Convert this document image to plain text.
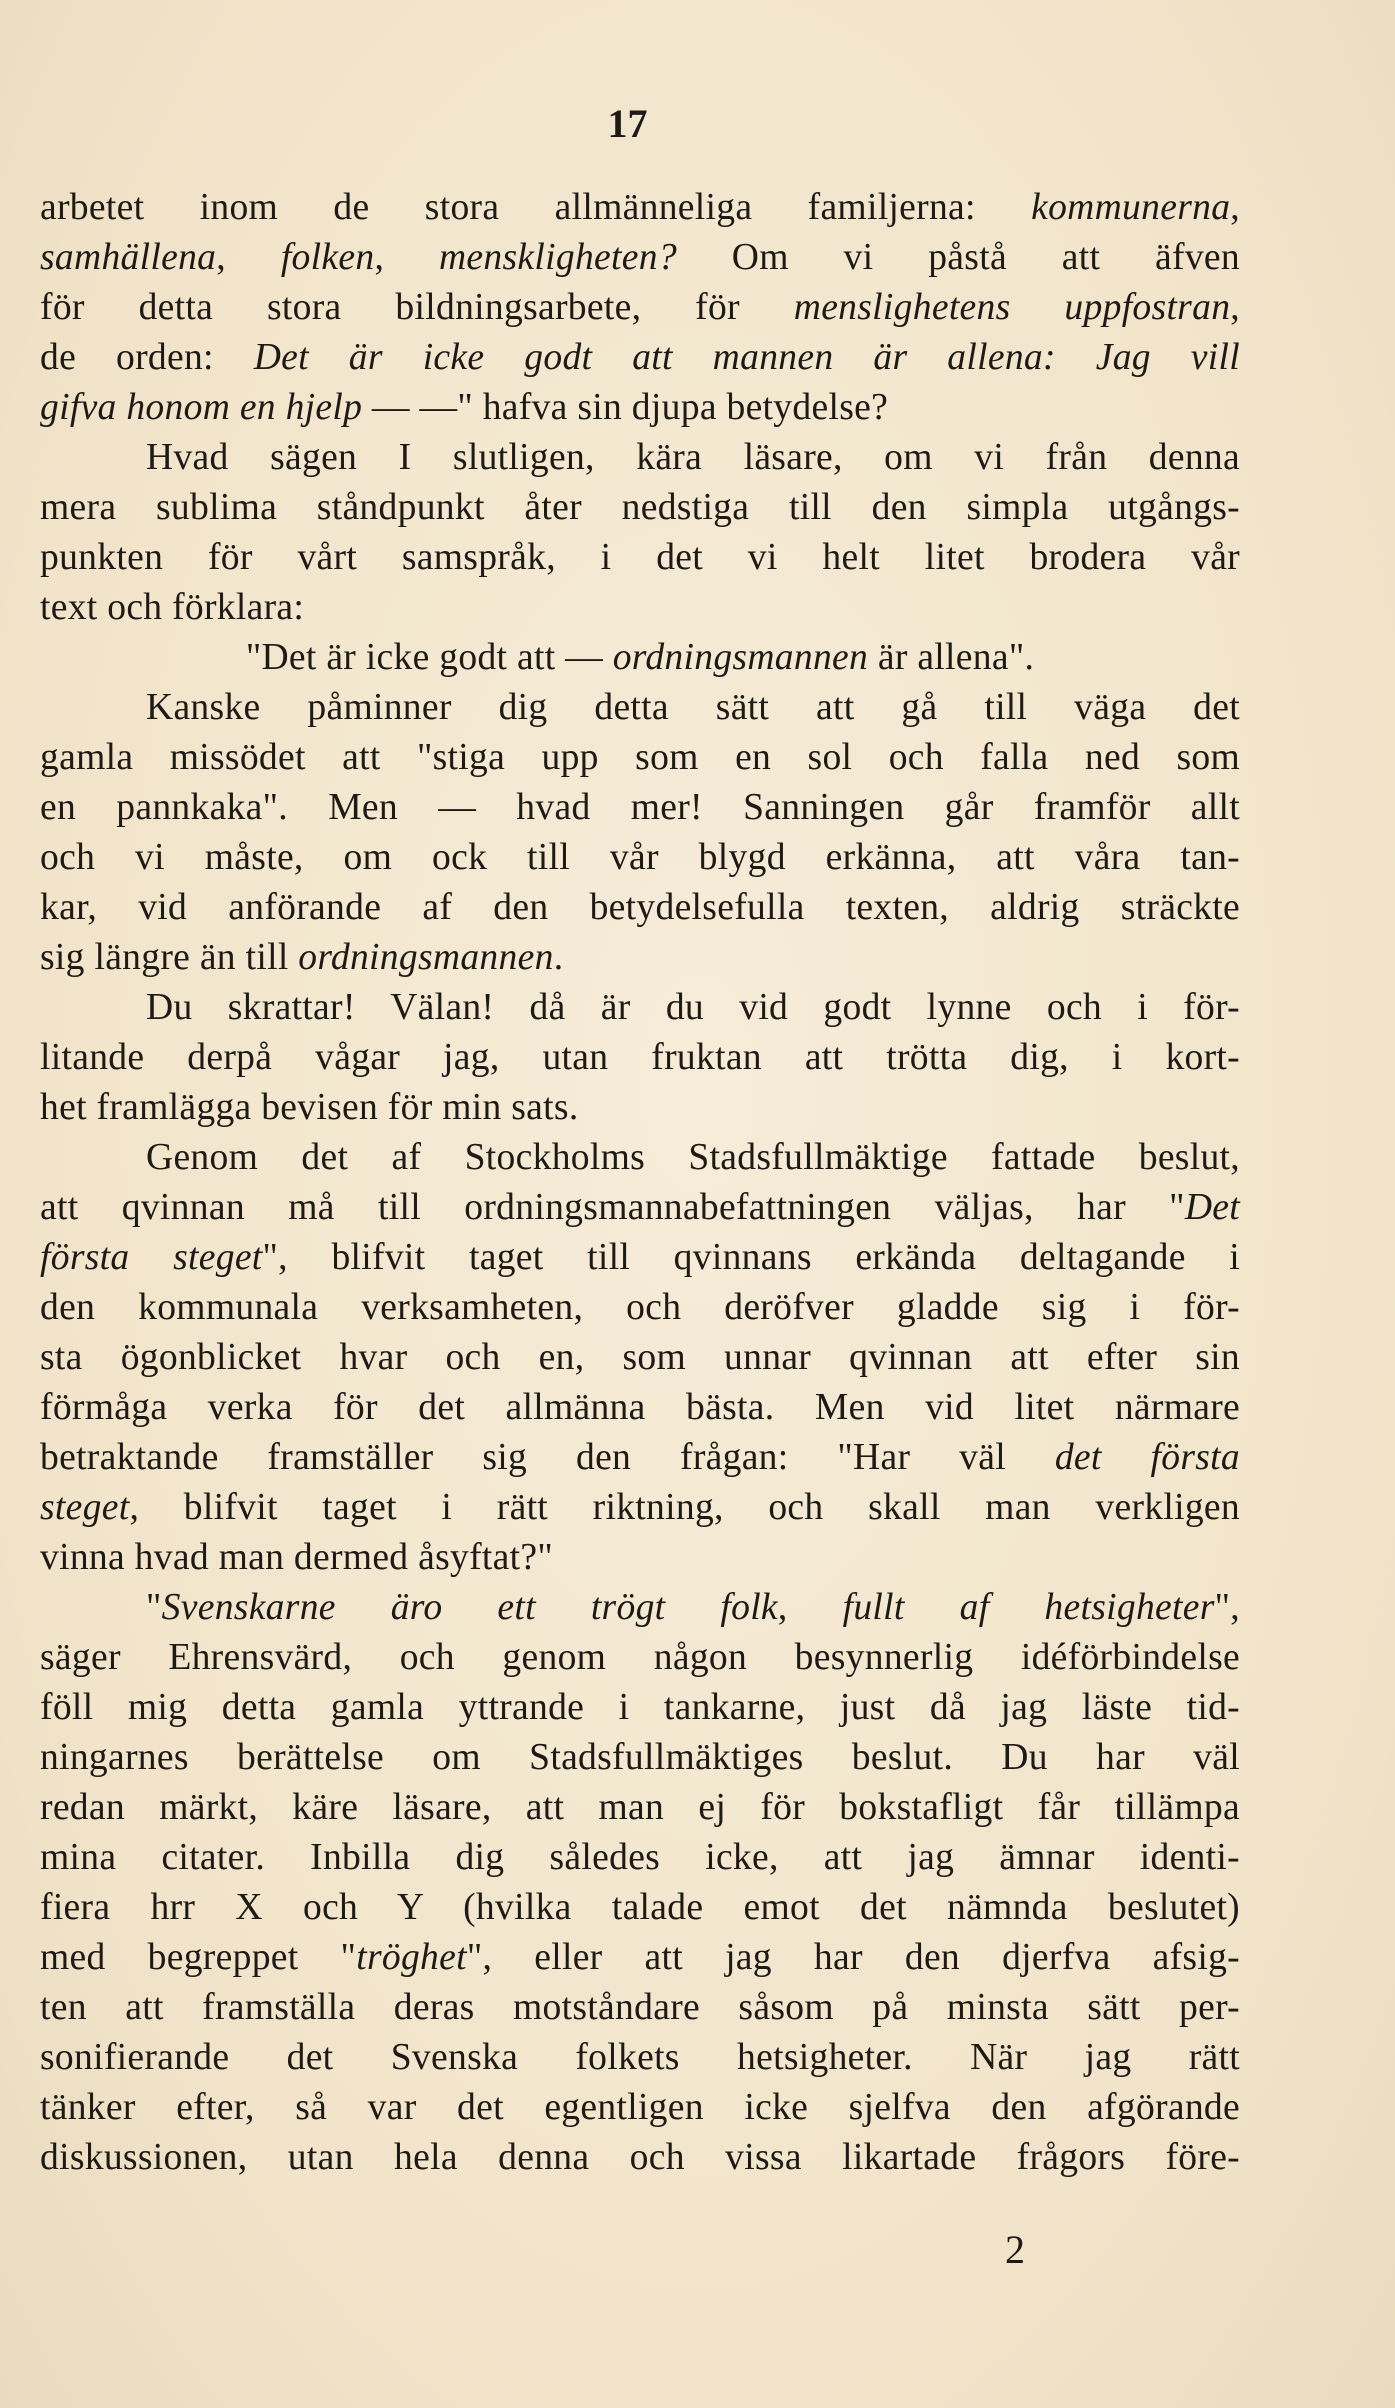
17
arbetet inom de stora allmänneliga familjerna: kommunerna,
samhällena, folken, menskligheten? Om vi påstå att äfven
för detta stora bildningsarbete, för menslighetens uppfostran,
de orden: Det är icke godt att mannen är allena: Jag vill
gifva honom en hjelp — —" hafva sin djupa betydelse?
Hvad sägen I slutligen, kära läsare, om vi från denna
mera sublima ståndpunkt åter nedstiga till den simpla utgångs-
punkten för vårt samspråk, i det vi helt litet brodera vår
text och förklara:
"Det är icke godt att — ordningsmannen är allena".
Kanske påminner dig detta sätt att gå till väga det
gamla missödet att "stiga upp som en sol och falla ned som
en pannkaka". Men — hvad mer! Sanningen går framför allt
och vi måste, om ock till vår blygd erkänna, att våra tan-
kar, vid anförande af den betydelsefulla texten, aldrig sträckte
sig längre än till ordningsmannen.
Du skrattar! Välan! då är du vid godt lynne och i för-
litande derpå vågar jag, utan fruktan att trötta dig, i kort-
het framlägga bevisen för min sats.
Genom det af Stockholms Stadsfullmäktige fattade beslut,
att qvinnan må till ordningsmannabefattningen väljas, har "Det
första steget", blifvit taget till qvinnans erkända deltagande i
den kommunala verksamheten, och deröfver gladde sig i för-
sta ögonblicket hvar och en, som unnar qvinnan att efter sin
förmåga verka för det allmänna bästa. Men vid litet närmare
betraktande framställer sig den frågan: "Har väl det första
steget, blifvit taget i rätt riktning, och skall man verkligen
vinna hvad man dermed åsyftat?"
"Svenskarne äro ett trögt folk, fullt af hetsigheter",
säger Ehrensvärd, och genom någon besynnerlig idéförbindelse
föll mig detta gamla yttrande i tankarne, just då jag läste tid-
ningarnes berättelse om Stadsfullmäktiges beslut. Du har väl
redan märkt, käre läsare, att man ej för bokstafligt får tillämpa
mina citater. Inbilla dig således icke, att jag ämnar identi-
fiera hrr X och Y (hvilka talade emot det nämnda beslutet)
med begreppet "tröghet", eller att jag har den djerfva afsig-
ten att framställa deras motståndare såsom på minsta sätt per-
sonifierande det Svenska folkets hetsigheter. När jag rätt
tänker efter, så var det egentligen icke sjelfva den afgörande
diskussionen, utan hela denna och vissa likartade frågors före-
2
